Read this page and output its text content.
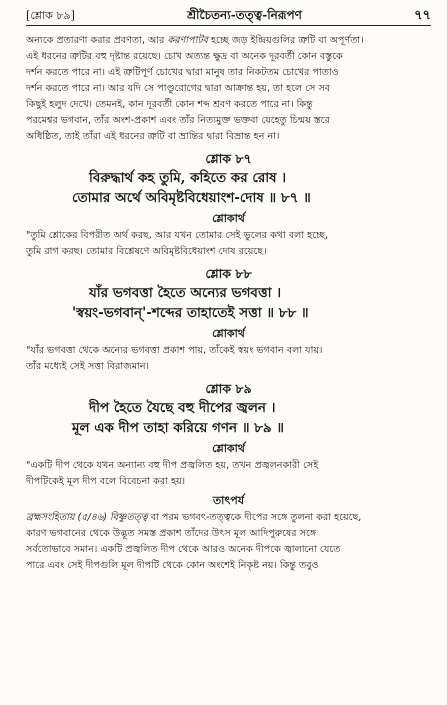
[শ্লোক ৮৯]	শ্রীচৈতন্য-তত্ত্ব-নিরূপণ	৭৭

অন্যকে প্রতারণা করার প্রবণতা, আর করণাপাটব হচ্ছে জড় ইন্দ্রিয়গুলির ত্রুটি বা অপূর্ণতা।
এই ধরনের ত্রুটির বহু দৃষ্টান্ত রয়েছে। চোখ অত্যন্ত ক্ষুদ্র বা অনেক দূরবর্তী কোন বস্তুকে
দর্শন করতে পারে না। এই ত্রুটিপূর্ণ চোখের দ্বারা মানুষ তার নিকটতম চোখের পাতাও
দর্শন করতে পারে না। আর যদি সে পাণ্ডুরোগের দ্বারা আক্রান্ত হয়, তা হলে সে সব
কিছুই হলুদ দেখে। তেমনই, কান দূরবর্তী কোন শব্দ শ্রবণ করতে পারে না। কিন্তু
পরমেশ্বর ভগবান, তাঁর অংশ-প্রকাশ এবং তাঁর নিত্যমুক্ত ভক্তবা যেহেতু চিন্ময় স্তরে
অধিষ্ঠিত, তাই তাঁরা এই ধরনের ত্রুটি বা ভ্রান্তির দ্বারা বিভ্রান্ত হন না।

শ্লোক ৮৭
বিরুদ্ধার্থ কহ তুমি, কহিতে কর রোষ ।
তোমার অর্থে অবিমৃষ্টবিধেয়াংশ-দোষ ॥ ৮৭ ॥
শ্লোকার্থ

"তুমি শ্লোকের বিপরীত অর্থ করছ, আর যখন তোমার সেই ভুলের কথা বলা হচ্ছে,
তুমি রাগ করছ। তোমার বিশ্লেষণে অবিমৃষ্টবিধেয়াংশ দোষ রয়েছে।

শ্লোক ৮৮
যাঁর ভগবত্তা হৈতে অন্যের ভগবত্তা ।
'স্বয়ং-ভগবান্'-শব্দের তাহাতেই সত্তা ॥ ৮৮ ॥
শ্লোকার্থ

"যাঁর ভগবত্তা থেকে অন্যের ভগবত্তা প্রকাশ পায়, তাঁকেই স্বয়ং ভগবান বলা যায়।
তাঁর মধ্যেই সেই সত্তা বিরাজমান।

শ্লোক ৮৯
দীপ হৈতে যৈছে বহু দীপের জ্বলন ।
মূল এক দীপ তাহা করিয়ে গণন ॥ ৮৯ ॥
শ্লোকার্থ

"একটি দীপ থেকে যখন অন্যান্য বহু দীপ প্রজ্বলিত হয়, তখন প্রজ্বলনকারী সেই
দীপটিকেই মূল দীপ বলে বিবেচনা করা হয়।

তাৎপর্য

ব্রহ্মসংহিতায় (৫/৪৬) বিষ্ণুতত্ত্ব বা পরম ভগবৎ-তত্ত্বকে দীপের সঙ্গে তুলনা করা হয়েছে,
কারণ ভগবানের থেকে উদ্ভূত সমস্ত প্রকাশ তাঁদের উৎস মূল আদিপুরুষের সঙ্গে
সর্বতোভাবে সমান। একটি প্রজ্বলিত দীপ থেকে আরও অনেক দীপকে জ্বালানো যেতে
পারে এবং সেই দীপগুলি মূল দীপটি থেকে কোন অংশেই নিকৃষ্ট নয়। কিন্তু তবুও
